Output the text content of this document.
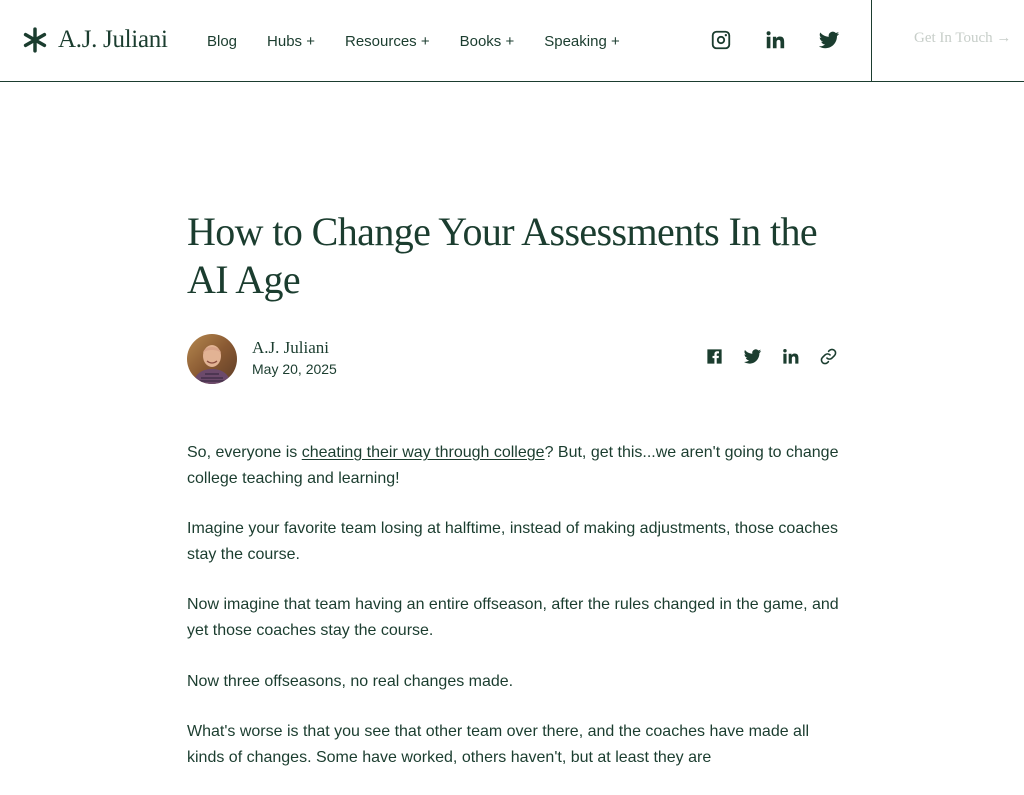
A.J. Juliani	Blog Hubs + Resources + Books + Speaking +	Get In Touch →
How to Change Your Assessments In the AI Age
A.J. Juliani
May 20, 2025

So, everyone is cheating their way through college? But, get this...we aren't going to change college teaching and learning!

Imagine your favorite team losing at halftime, instead of making adjustments, those coaches stay the course.

Now imagine that team having an entire offseason, after the rules changed in the game, and yet those coaches stay the course.

Now three offseasons, no real changes made.

What's worse is that you see that other team over there, and the coaches have made all kinds of changes. Some have worked, others haven't, but at least they are
